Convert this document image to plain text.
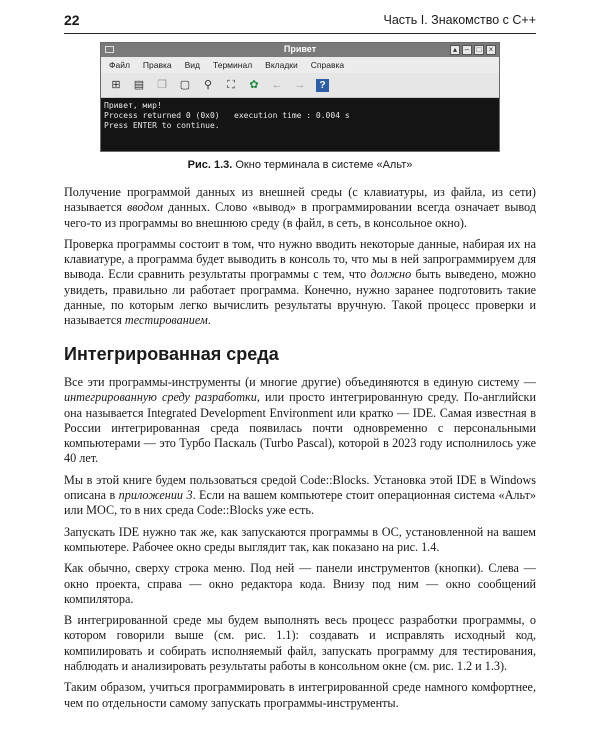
22	Часть I. Знакомство с С++
Привет	▴ – □ ×
Файл Правка Вид Терминал Вкладки Справка
⊞ ▤ ❐ ▢ ⚲ ⛶ ✿ ← →	?
Привет, мир!
Process returned 0 (0x0)   execution time : 0.004 s
Press ENTER to continue.
Рис. 1.3. Окно терминала в системе «Альт»

Получение программой данных из внешней среды (с клавиатуры, из файла, из сети) называется вводом данных. Слово «вывод» в программировании всегда означает вывод чего-то из программы во внешнюю среду (в файл, в сеть, в консольное окно).

Проверка программы состоит в том, что нужно вводить некоторые данные, набирая их на клавиатуре, а программа будет выводить в консоль то, что мы в ней запрограммируем для вывода. Если сравнить результаты программы с тем, что должно быть выведено, можно увидеть, правильно ли работает программа. Конечно, нужно заранее подготовить такие данные, по которым легко вычислить результаты вручную. Такой процесс проверки и называется тестированием.

Интегрированная среда

Все эти программы-инструменты (и многие другие) объединяются в единую систему — интегрированную среду разработки, или просто интегрированную среду. По-английски она называется Integrated Development Environment или кратко — IDE. Самая известная в России интегрированная среда появилась почти одновременно с персональными компьютерами — это Турбо Паскаль (Turbo Pascal), которой в 2023 году исполнилось уже 40 лет.

Мы в этой книге будем пользоваться средой Code::Blocks. Установка этой IDE в Windows описана в приложении 3. Если на вашем компьютере стоит операционная система «Альт» или МОС, то в них среда Code::Blocks уже есть.

Запускать IDE нужно так же, как запускаются программы в ОС, установленной на вашем компьютере. Рабочее окно среды выглядит так, как показано на рис. 1.4.

Как обычно, сверху строка меню. Под ней — панели инструментов (кнопки). Слева — окно проекта, справа — окно редактора кода. Внизу под ним — окно сообщений компилятора.

В интегрированной среде мы будем выполнять весь процесс разработки программы, о котором говорили выше (см. рис. 1.1): создавать и исправлять исходный код, компилировать и собирать исполняемый файл, запускать программу для тестирования, наблюдать и анализировать результаты работы в консольном окне (см. рис. 1.2 и 1.3).

Таким образом, учиться программировать в интегрированной среде намного комфортнее, чем по отдельности самому запускать программы-инструменты.
